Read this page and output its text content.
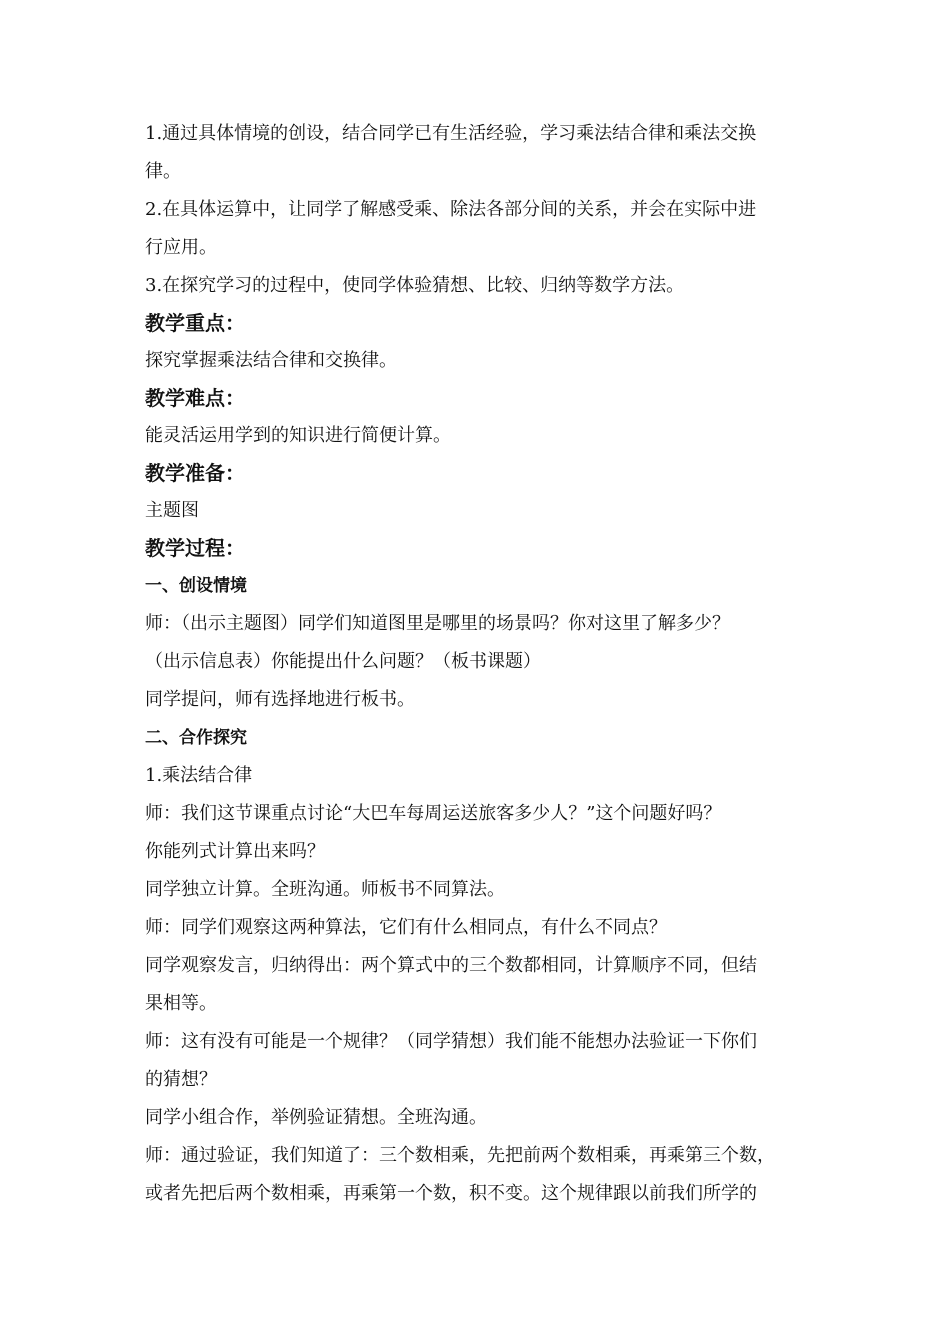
1.通过具体情境的创设，结合同学已有生活经验，学习乘法结合律和乘法交换
律。
2.在具体运算中，让同学了解感受乘、除法各部分间的关系，并会在实际中进
行应用。
3.在探究学习的过程中，使同学体验猜想、比较、归纳等数学方法。
教学重点：
探究掌握乘法结合律和交换律。
教学难点：
能灵活运用学到的知识进行简便计算。
教学准备：
主题图
教学过程：
一、创设情境
师：（出示主题图）同学们知道图里是哪里的场景吗？你对这里了解多少？
（出示信息表）你能提出什么问题？（板书课题）
同学提问，师有选择地进行板书。
二、合作探究
1.乘法结合律
师：我们这节课重点讨论“大巴车每周运送旅客多少人？”这个问题好吗？
你能列式计算出来吗？
同学独立计算。全班沟通。师板书不同算法。
师：同学们观察这两种算法，它们有什么相同点，有什么不同点？
同学观察发言，归纳得出：两个算式中的三个数都相同，计算顺序不同，但结
果相等。
师：这有没有可能是一个规律？（同学猜想）我们能不能想办法验证一下你们
的猜想？
同学小组合作，举例验证猜想。全班沟通。
师：通过验证，我们知道了：三个数相乘，先把前两个数相乘，再乘第三个数，
或者先把后两个数相乘，再乘第一个数，积不变。这个规律跟以前我们所学的
